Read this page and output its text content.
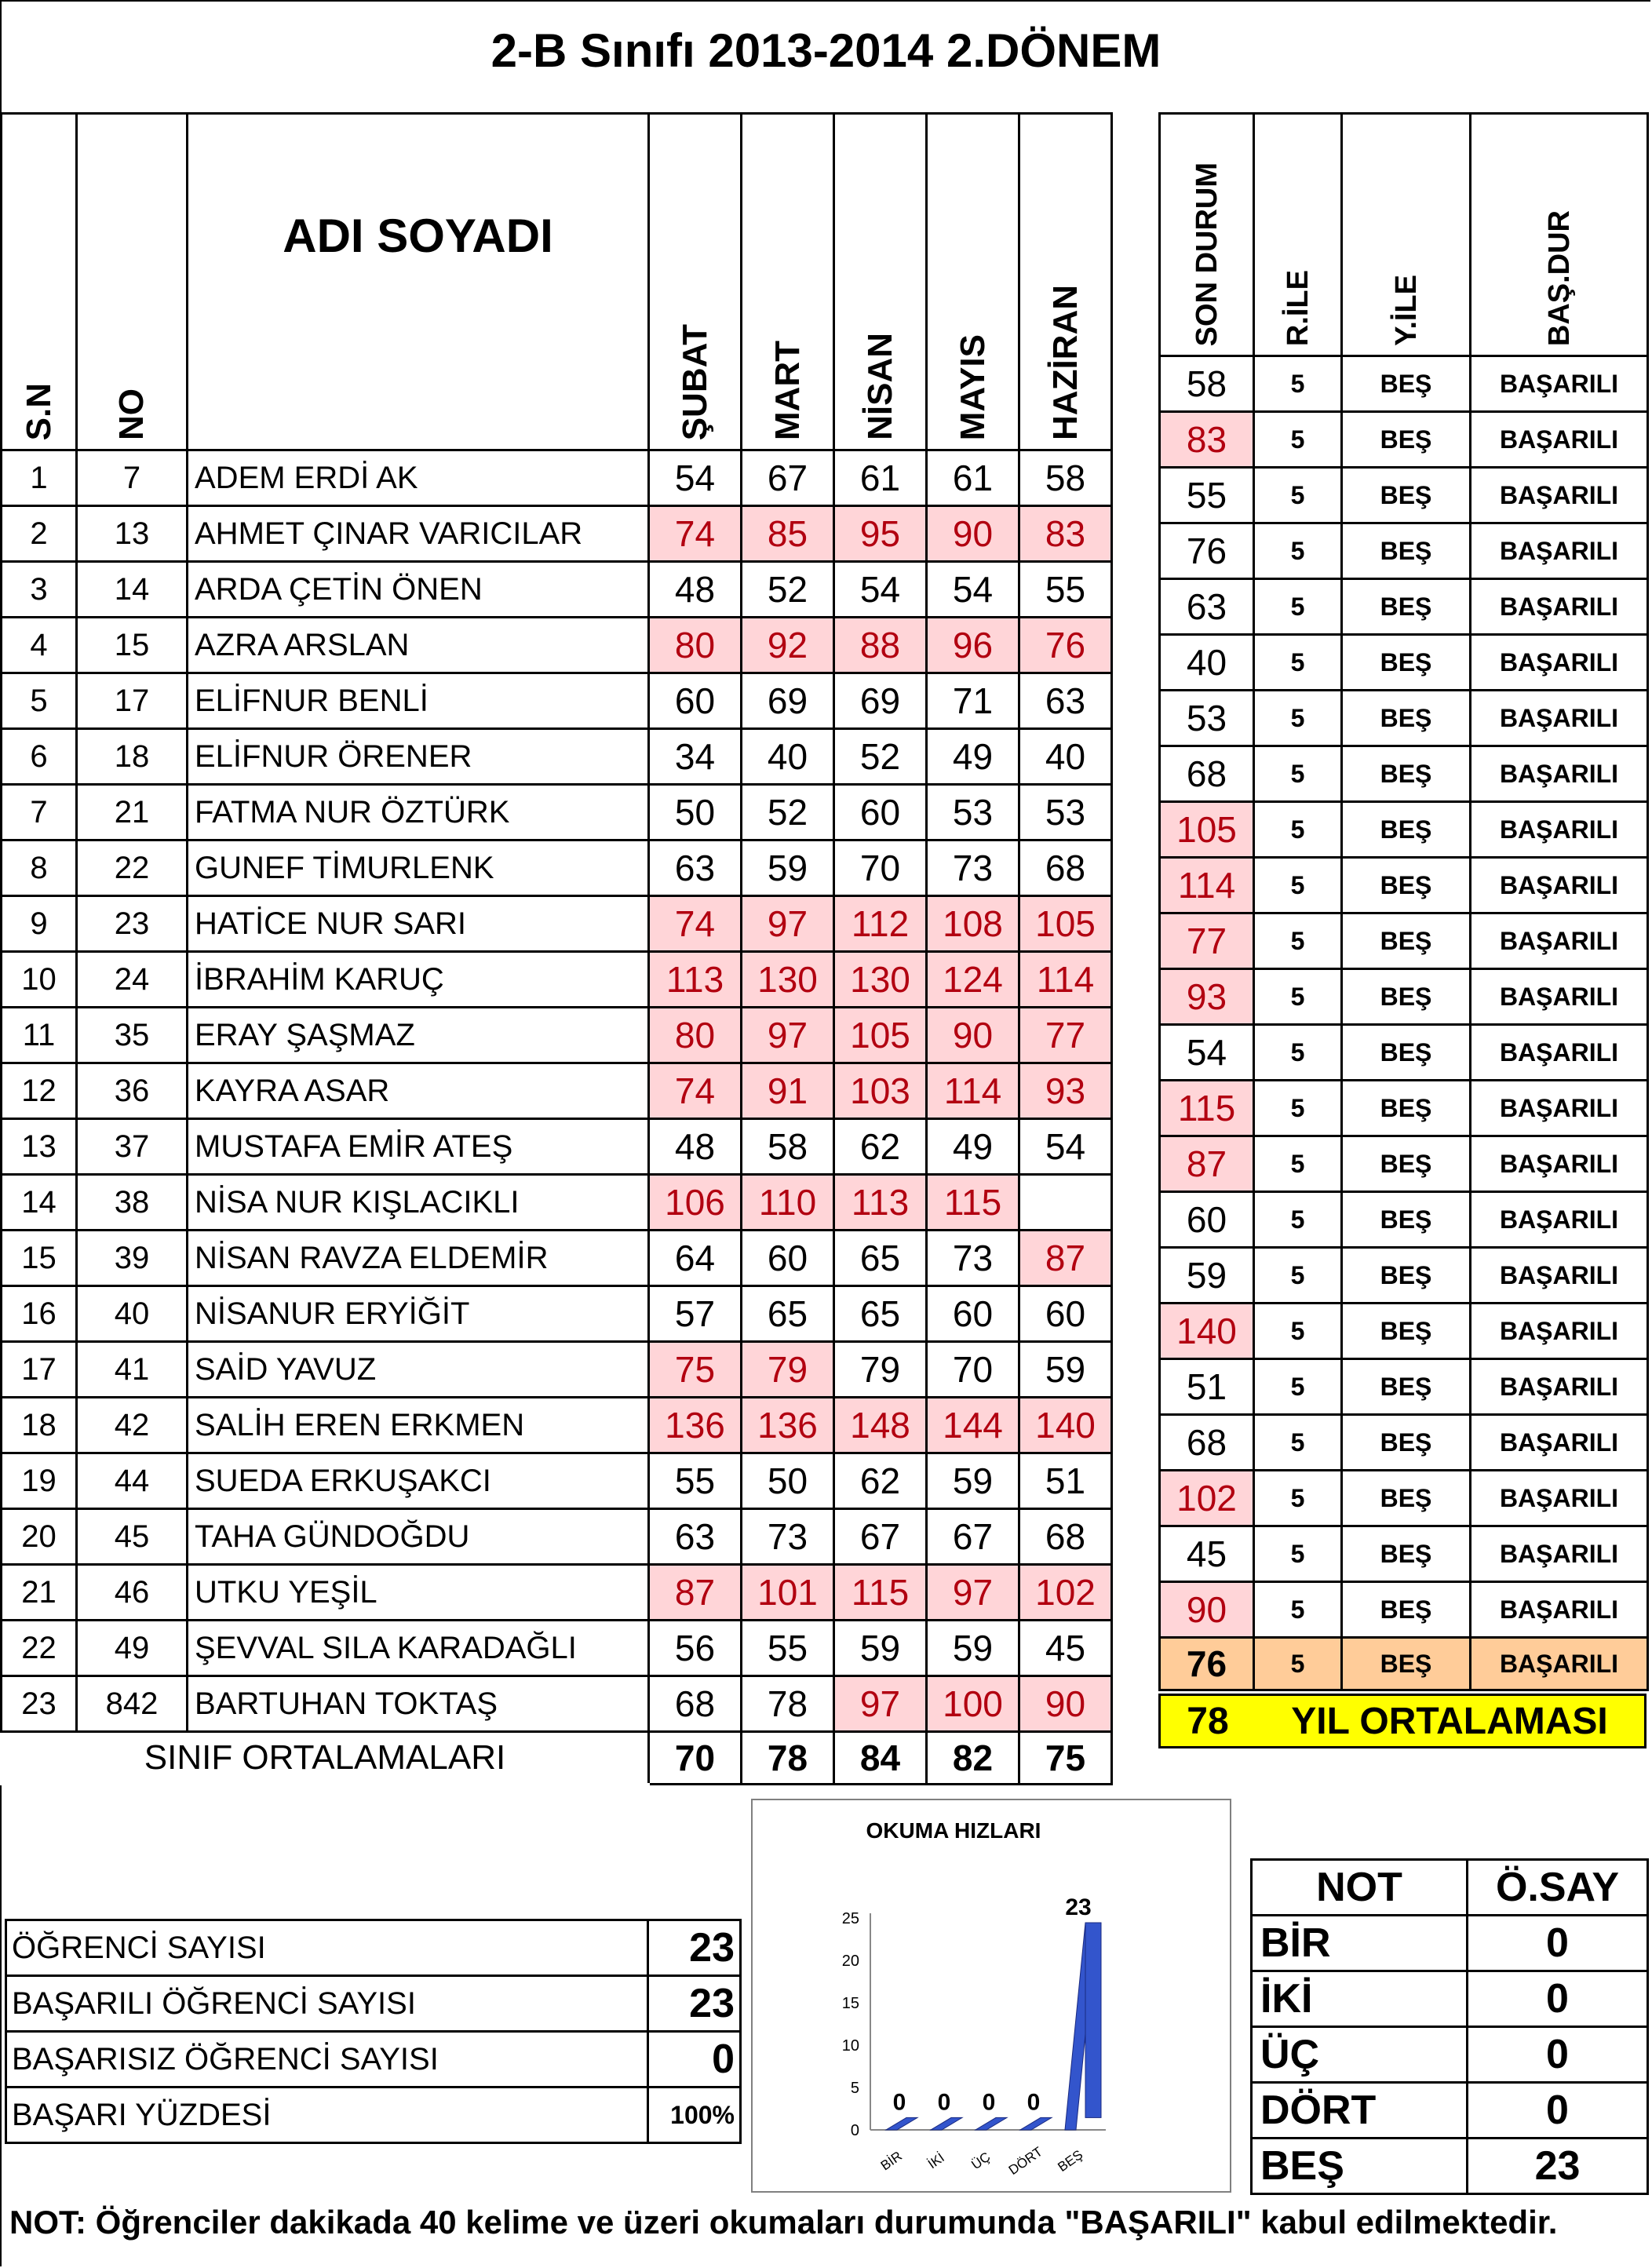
2-B Sınıfı 2013-2014 2.DÖNEM
S.N	NO	ADI SOYADI	ŞUBAT	MART	NİSAN	MAYIS	HAZİRAN
1	7	ADEM ERDİ AK	54	67	61	61	58
2	13	AHMET ÇINAR VARICILAR	74	85	95	90	83
3	14	ARDA ÇETİN ÖNEN	48	52	54	54	55
4	15	AZRA ARSLAN	80	92	88	96	76
5	17	ELİFNUR BENLİ	60	69	69	71	63
6	18	ELİFNUR ÖRENER	34	40	52	49	40
7	21	FATMA NUR ÖZTÜRK	50	52	60	53	53
8	22	GUNEF TİMURLENK	63	59	70	73	68
9	23	HATİCE NUR SARI	74	97	112	108	105
10	24	İBRAHİM KARUÇ	113	130	130	124	114
11	35	ERAY ŞAŞMAZ	80	97	105	90	77
12	36	KAYRA ASAR	74	91	103	114	93
13	37	MUSTAFA EMİR ATEŞ	48	58	62	49	54
14	38	NİSA NUR KIŞLACIKLI	106	110	113	115	
15	39	NİSAN RAVZA ELDEMİR	64	60	65	73	87
16	40	NİSANUR ERYİĞİT	57	65	65	60	60
17	41	SAİD YAVUZ	75	79	79	70	59
18	42	SALİH EREN ERKMEN	136	136	148	144	140
19	44	SUEDA ERKUŞAKCI	55	50	62	59	51
20	45	TAHA GÜNDOĞDU	63	73	67	67	68
21	46	UTKU YEŞİL	87	101	115	97	102
22	49	ŞEVVAL SILA KARADAĞLI	56	55	59	59	45
23	842	BARTUHAN TOKTAŞ	68	78	97	100	90
SINIF ORTALAMALARI			70	78	84	82	75
SON DURUM	R.İLE	Y.İLE	BAŞ.DUR
58	5	BEŞ	BAŞARILI
83	5	BEŞ	BAŞARILI
55	5	BEŞ	BAŞARILI
76	5	BEŞ	BAŞARILI
63	5	BEŞ	BAŞARILI
40	5	BEŞ	BAŞARILI
53	5	BEŞ	BAŞARILI
68	5	BEŞ	BAŞARILI
105	5	BEŞ	BAŞARILI
114	5	BEŞ	BAŞARILI
77	5	BEŞ	BAŞARILI
93	5	BEŞ	BAŞARILI
54	5	BEŞ	BAŞARILI
115	5	BEŞ	BAŞARILI
87	5	BEŞ	BAŞARILI
60	5	BEŞ	BAŞARILI
59	5	BEŞ	BAŞARILI
140	5	BEŞ	BAŞARILI
51	5	BEŞ	BAŞARILI
68	5	BEŞ	BAŞARILI
102	5	BEŞ	BAŞARILI
45	5	BEŞ	BAŞARILI
90	5	BEŞ	BAŞARILI
76	5	BEŞ	BAŞARILI
78	YIL ORTALAMASI
ÖĞRENCİ SAYISI	23
BAŞARILI ÖĞRENCİ SAYISI	23
BAŞARISIZ ÖĞRENCİ SAYISI	0
BAŞARI YÜZDESİ	100%
OKUMA HIZLARI
0
5
10
15
20
25
0
BİR
0
İKİ
0
ÜÇ
0
DÖRT
23
BEŞ
NOT	Ö.SAY
BİR	0
İKİ	0
ÜÇ	0
DÖRT	0
BEŞ	23
NOT: Öğrenciler dakikada 40 kelime ve üzeri okumaları durumunda "BAŞARILI" kabul edilmektedir.
